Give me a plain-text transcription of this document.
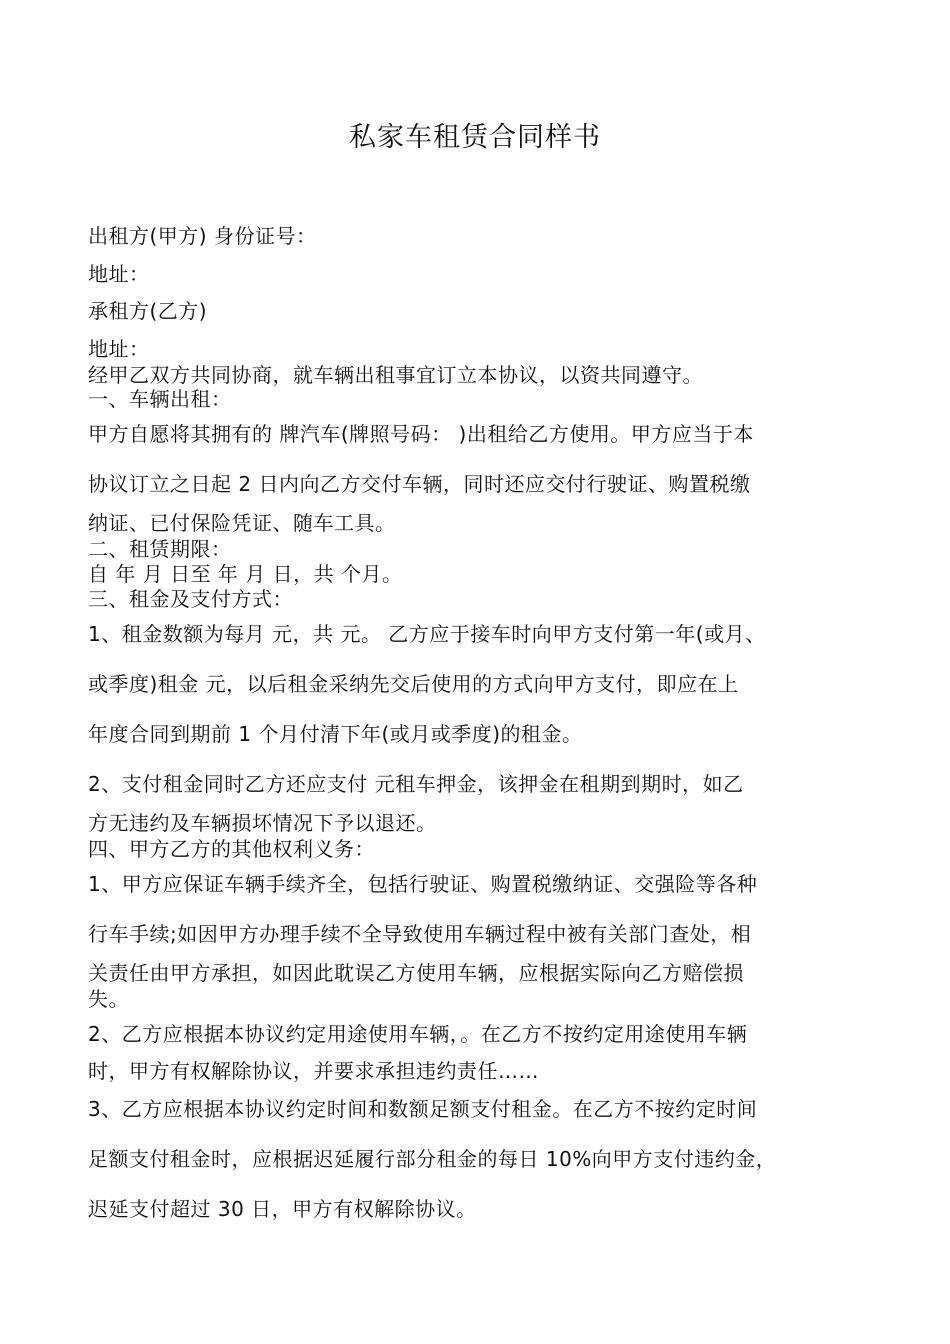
私家车租赁合同样书
出租方(甲方) 身份证号：
地址：
承租方(乙方)
地址：
经甲乙双方共同协商，就车辆出租事宜订立本协议，以资共同遵守。
一、车辆出租：
甲方自愿将其拥有的 牌汽车(牌照号码： )出租给乙方使用。甲方应当于本
协议订立之日起 2 日内向乙方交付车辆，同时还应交付行驶证、购置税缴
纳证、已付保险凭证、随车工具。
二、租赁期限：
自 年 月 日至 年 月 日，共 个月。
三、租金及支付方式：
1、租金数额为每月 元，共 元。 乙方应于接车时向甲方支付第一年(或月、
或季度)租金 元，以后租金采纳先交后使用的方式向甲方支付，即应在上
年度合同到期前 1 个月付清下年(或月或季度)的租金。
2、支付租金同时乙方还应支付 元租车押金，该押金在租期到期时，如乙
方无违约及车辆损坏情况下予以退还。
四、甲方乙方的其他权利义务：
1、甲方应保证车辆手续齐全，包括行驶证、购置税缴纳证、交强险等各种
行车手续;如因甲方办理手续不全导致使用车辆过程中被有关部门查处，相
关责任由甲方承担，如因此耽误乙方使用车辆，应根据实际向乙方赔偿损
失。
2、乙方应根据本协议约定用途使用车辆，。在乙方不按约定用途使用车辆
时，甲方有权解除协议，并要求承担违约责任……
3、乙方应根据本协议约定时间和数额足额支付租金。在乙方不按约定时间
足额支付租金时，应根据迟延履行部分租金的每日 10%向甲方支付违约金，
迟延支付超过 30 日，甲方有权解除协议。
